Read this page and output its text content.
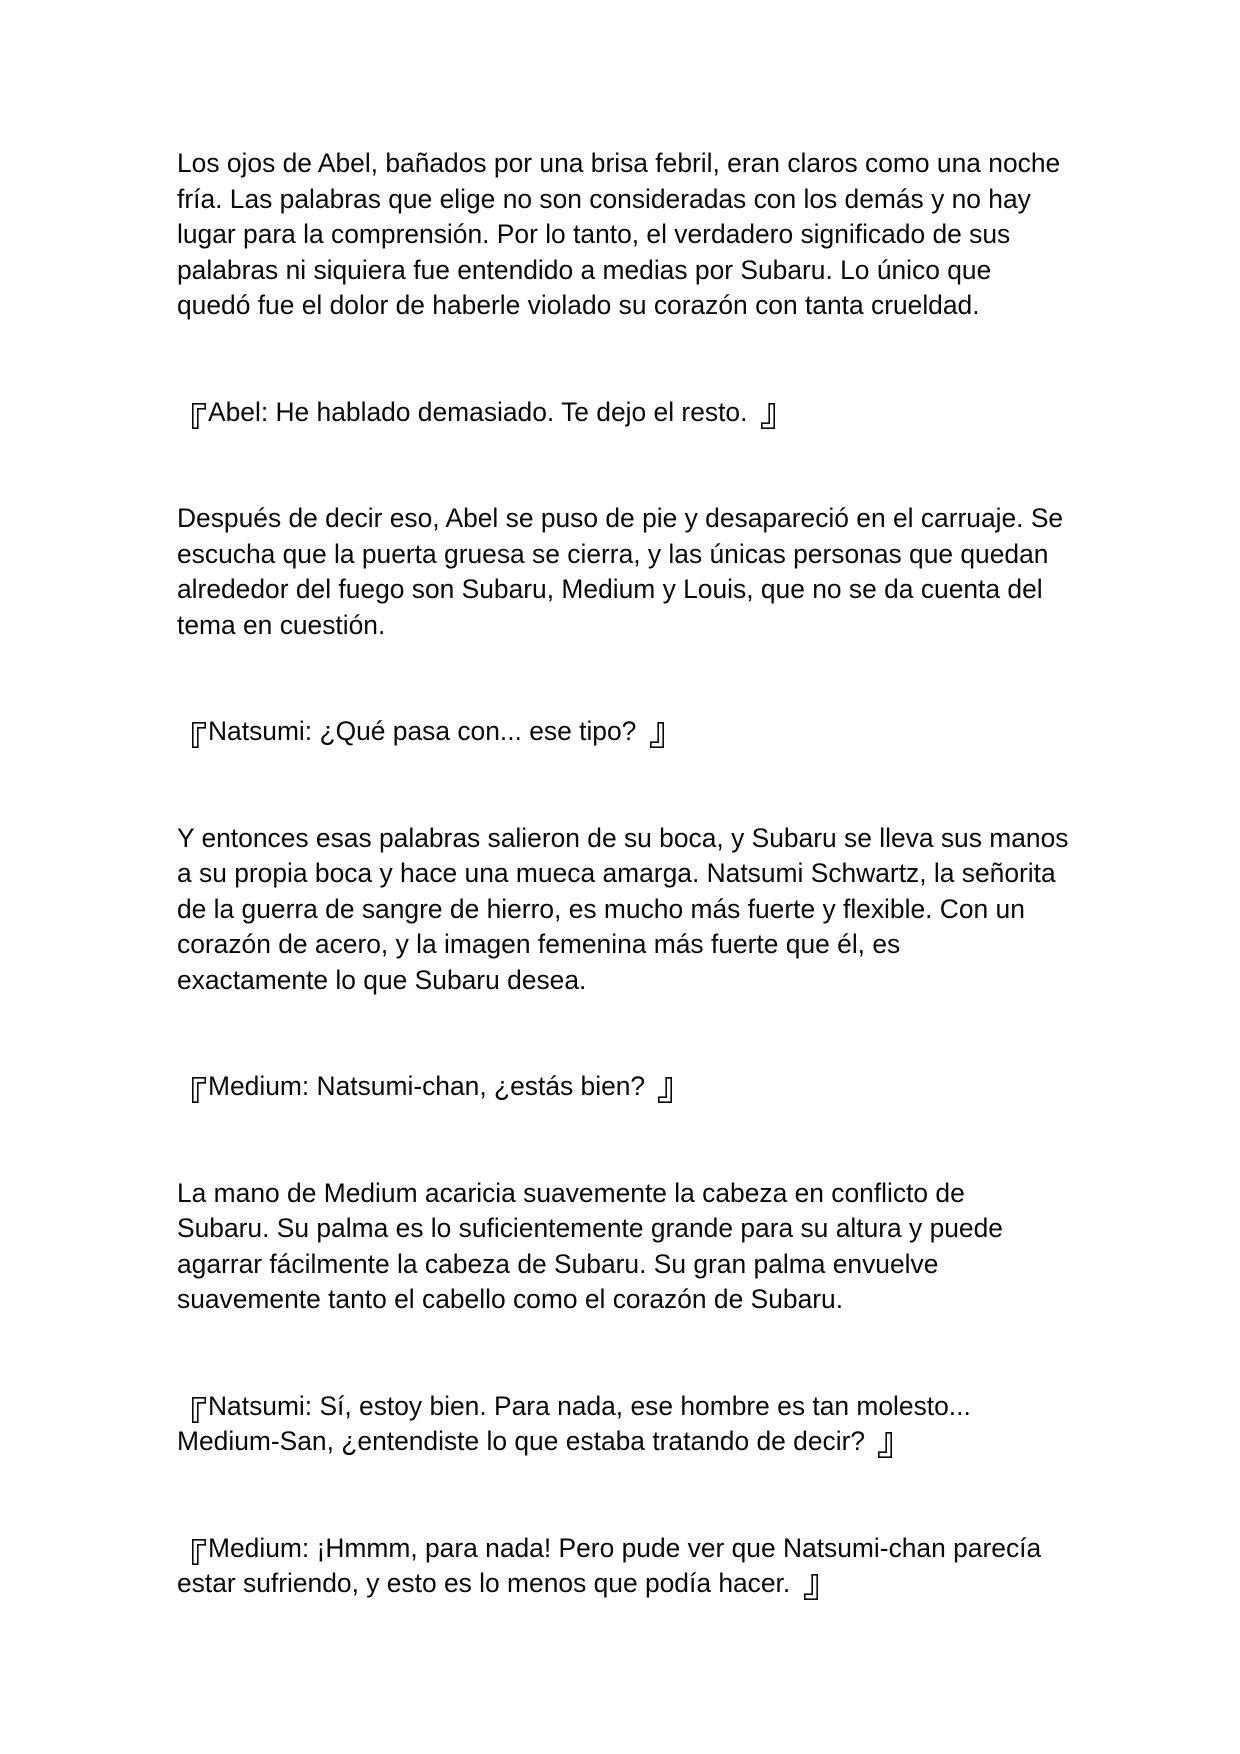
Los ojos de Abel, bañados por una brisa febril, eran claros como una noche
fría. Las palabras que elige no son consideradas con los demás y no hay
lugar para la comprensión. Por lo tanto, el verdadero significado de sus
palabras ni siquiera fue entendido a medias por Subaru. Lo único que
quedó fue el dolor de haberle violado su corazón con tanta crueldad.
Abel: He hablado demasiado. Te dejo el resto.
Después de decir eso, Abel se puso de pie y desapareció en el carruaje. Se
escucha que la puerta gruesa se cierra, y las únicas personas que quedan
alrededor del fuego son Subaru, Medium y Louis, que no se da cuenta del
tema en cuestión.
Natsumi: ¿Qué pasa con... ese tipo?
Y entonces esas palabras salieron de su boca, y Subaru se lleva sus manos
a su propia boca y hace una mueca amarga. Natsumi Schwartz, la señorita
de la guerra de sangre de hierro, es mucho más fuerte y flexible. Con un
corazón de acero, y la imagen femenina más fuerte que él, es
exactamente lo que Subaru desea.
Medium: Natsumi-chan, ¿estás bien?
La mano de Medium acaricia suavemente la cabeza en conflicto de
Subaru. Su palma es lo suficientemente grande para su altura y puede
agarrar fácilmente la cabeza de Subaru. Su gran palma envuelve
suavemente tanto el cabello como el corazón de Subaru.
Natsumi: Sí, estoy bien. Para nada, ese hombre es tan molesto...
Medium-San, ¿entendiste lo que estaba tratando de decir?
Medium: ¡Hmmm, para nada! Pero pude ver que Natsumi-chan parecía
estar sufriendo, y esto es lo menos que podía hacer.
